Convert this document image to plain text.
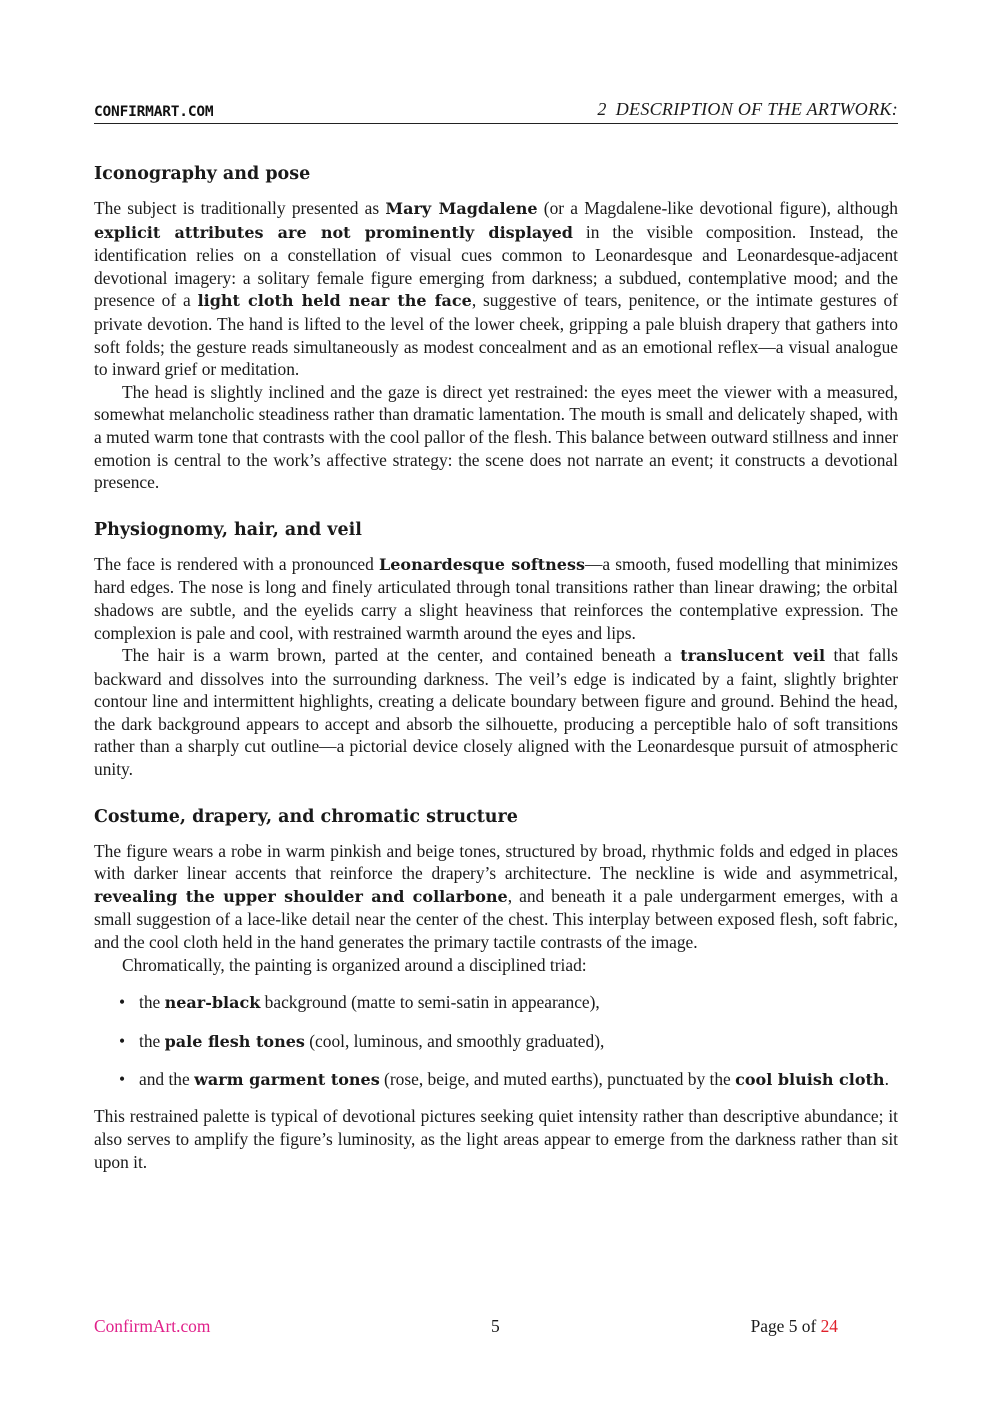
CONFIRMART.COM	2 DESCRIPTION OF THE ARTWORK:
Iconography and pose

The subject is traditionally presented as Mary Magdalene (or a Magdalene-like devotional figure), although explicit attributes are not prominently displayed in the visible composition. Instead, the identification relies on a constellation of visual cues common to Leonardesque and Leonardesque-adjacent devotional imagery: a solitary female figure emerging from darkness; a subdued, contemplative mood; and the presence of a light cloth held near the face, suggestive of tears, penitence, or the intimate gestures of private devotion. The hand is lifted to the level of the lower cheek, gripping a pale bluish drapery that gathers into soft folds; the gesture reads simultaneously as modest concealment and as an emotional reflex—a visual analogue to inward grief or meditation.

The head is slightly inclined and the gaze is direct yet restrained: the eyes meet the viewer with a measured, somewhat melancholic steadiness rather than dramatic lamentation. The mouth is small and delicately shaped, with a muted warm tone that contrasts with the cool pallor of the flesh. This balance between outward stillness and inner emotion is central to the work’s affective strategy: the scene does not narrate an event; it constructs a devotional presence.

Physiognomy, hair, and veil

The face is rendered with a pronounced Leonardesque softness—a smooth, fused modelling that minimizes hard edges. The nose is long and finely articulated through tonal transitions rather than linear drawing; the orbital shadows are subtle, and the eyelids carry a slight heaviness that reinforces the contemplative expression. The complexion is pale and cool, with restrained warmth around the eyes and lips.

The hair is a warm brown, parted at the center, and contained beneath a translucent veil that falls backward and dissolves into the surrounding darkness. The veil’s edge is indicated by a faint, slightly brighter contour line and intermittent highlights, creating a delicate boundary between figure and ground. Behind the head, the dark background appears to accept and absorb the silhouette, producing a perceptible halo of soft transitions rather than a sharply cut outline—a pictorial device closely aligned with the Leonardesque pursuit of atmospheric unity.

Costume, drapery, and chromatic structure

The figure wears a robe in warm pinkish and beige tones, structured by broad, rhythmic folds and edged in places with darker linear accents that reinforce the drapery’s architecture. The neckline is wide and asymmetrical, revealing the upper shoulder and collarbone, and beneath it a pale undergarment emerges, with a small suggestion of a lace-like detail near the center of the chest. This interplay between exposed flesh, soft fabric, and the cool cloth held in the hand generates the primary tactile contrasts of the image.

Chromatically, the painting is organized around a disciplined triad:

• the near-black background (matte to semi-satin in appearance),
• the pale flesh tones (cool, luminous, and smoothly graduated),
• and the warm garment tones (rose, beige, and muted earths), punctuated by the cool bluish cloth.

This restrained palette is typical of devotional pictures seeking quiet intensity rather than descriptive abundance; it also serves to amplify the figure’s luminosity, as the light areas appear to emerge from the darkness rather than sit upon it.

ConfirmArt.com	5	Page 5 of 24
